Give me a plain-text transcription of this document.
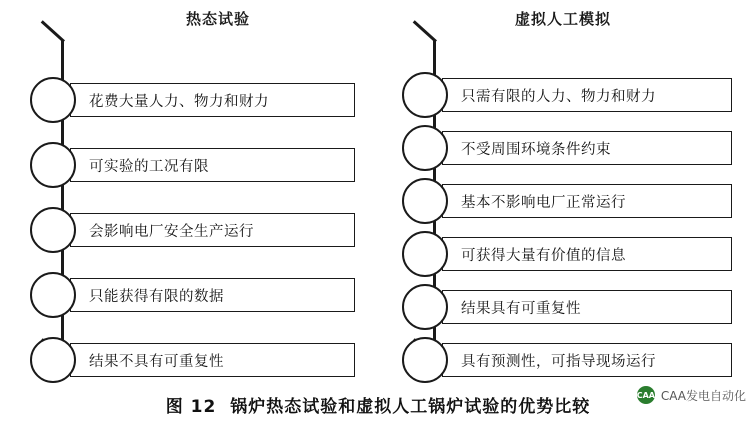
热态试验	虚拟人工模拟
花费大量人力、物力和财力
可实验的工况有限
会影响电厂安全生产运行
只能获得有限的数据
结果不具有可重复性
只需有限的人力、物力和财力
不受周围环境条件约束
基本不影响电厂正常运行
可获得大量有价值的信息
结果具有可重复性
具有预测性，可指导现场运行
图 12 锅炉热态试验和虚拟人工锅炉试验的优势比较
CAA CAA发电自动化
